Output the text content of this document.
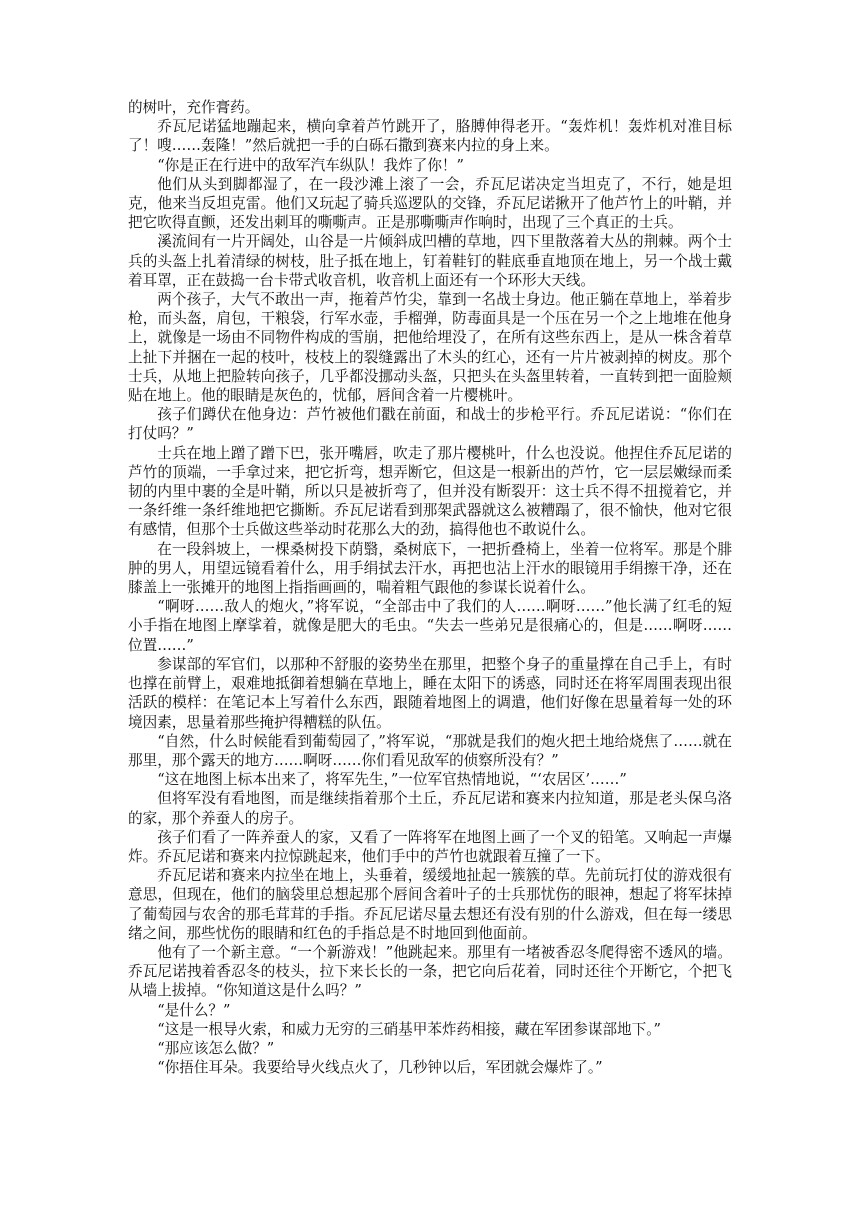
的树叶，充作膏药。

乔瓦尼诺猛地蹦起来，横向拿着芦竹跳开了，胳膊伸得老开。“轰炸机！轰炸机对准目标了！嗖……轰隆！”然后就把一手的白砾石撒到赛来内拉的身上来。

“你是正在行进中的敌军汽车纵队！我炸了你！”

他们从头到脚都湿了，在一段沙滩上滚了一会，乔瓦尼诺决定当坦克了，不行，她是坦克，他来当反坦克雷。他们又玩起了骑兵巡逻队的交锋，乔瓦尼诺揪开了他芦竹上的叶鞘，并把它吹得直颤，还发出刺耳的嘶嘶声。正是那嘶嘶声作响时，出现了三个真正的士兵。

溪流间有一片开阔处，山谷是一片倾斜成凹槽的草地，四下里散落着大丛的荆棘。两个士兵的头盔上扎着清绿的树枝，肚子抵在地上，钉着鞋钉的鞋底垂直地顶在地上，另一个战士戴着耳罩，正在鼓捣一台卡带式收音机，收音机上面还有一个环形大天线。

两个孩子，大气不敢出一声，拖着芦竹尖，靠到一名战士身边。他正躺在草地上，举着步枪，而头盔，肩包，干粮袋，行军水壶，手榴弹，防毒面具是一个压在另一个之上地堆在他身上，就像是一场由不同物件构成的雪崩，把他给埋没了，在所有这些东西上，是从一株含着草上扯下并捆在一起的枝叶，枝枝上的裂缝露出了木头的红心，还有一片片被剥掉的树皮。那个士兵，从地上把脸转向孩子，几乎都没挪动头盔，只把头在头盔里转着，一直转到把一面脸颊贴在地上。他的眼睛是灰色的，忧郁，唇间含着一片樱桃叶。

孩子们蹲伏在他身边：芦竹被他们戳在前面，和战士的步枪平行。乔瓦尼诺说：“你们在打仗吗？”

士兵在地上蹭了蹭下巴，张开嘴唇，吹走了那片樱桃叶，什么也没说。他捏住乔瓦尼诺的芦竹的顶端，一手拿过来，把它折弯，想弄断它，但这是一根新出的芦竹，它一层层嫩绿而柔韧的内里中裹的全是叶鞘，所以只是被折弯了，但并没有断裂开：这士兵不得不扭搅着它，并一条纤维一条纤维地把它撕断。乔瓦尼诺看到那架武器就这么被糟蹋了，很不愉快，他对它很有感情，但那个士兵做这些举动时花那么大的劲，搞得他也不敢说什么。

在一段斜坡上，一棵桑树投下荫翳，桑树底下，一把折叠椅上，坐着一位将军。那是个腓肿的男人，用望远镜看着什么，用手绢拭去汗水，再把也沾上汗水的眼镜用手绢擦干净，还在膝盖上一张摊开的地图上指指画画的，喘着粗气跟他的参谋长说着什么。

“啊呀……敌人的炮火，”将军说，“全部击中了我们的人……啊呀……”他长满了红毛的短小手指在地图上摩挲着，就像是肥大的毛虫。“失去一些弟兄是很痛心的，但是……啊呀……位置……”

参谋部的军官们，以那种不舒服的姿势坐在那里，把整个身子的重量撑在自己手上，有时也撑在前臂上，艰难地抵御着想躺在草地上，睡在太阳下的诱惑，同时还在将军周围表现出很活跃的模样：在笔记本上写着什么东西，跟随着地图上的调遣，他们好像在思量着每一处的环境因素，思量着那些掩护得糟糕的队伍。

“自然，什么时候能看到葡萄园了，”将军说，“那就是我们的炮火把土地给烧焦了……就在那里，那个露天的地方……啊呀……你们看见敌军的侦察所没有？”

“这在地图上标本出来了，将军先生，”一位军官热情地说，“‘农居区’……”

但将军没有看地图，而是继续指着那个土丘，乔瓦尼诺和赛来内拉知道，那是老头保乌洛的家，那个养蚕人的房子。

孩子们看了一阵养蚕人的家，又看了一阵将军在地图上画了一个叉的铅笔。又响起一声爆炸。乔瓦尼诺和赛来内拉惊跳起来，他们手中的芦竹也就跟着互撞了一下。

乔瓦尼诺和赛来内拉坐在地上，头垂着，缓缓地扯起一簇簇的草。先前玩打仗的游戏很有意思，但现在，他们的脑袋里总想起那个唇间含着叶子的士兵那忧伤的眼神，想起了将军抹掉了葡萄园与农舍的那毛茸茸的手指。乔瓦尼诺尽量去想还有没有别的什么游戏，但在每一缕思绪之间，那些忧伤的眼睛和红色的手指总是不时地回到他面前。

他有了一个新主意。“一个新游戏！”他跳起来。那里有一堵被香忍冬爬得密不透风的墙。乔瓦尼诺拽着香忍冬的枝头，拉下来长长的一条，把它向后花着，同时还往个开断它，个把飞从墙上拔掉。“你知道这是什么吗？”

“是什么？”

“这是一根导火索，和威力无穷的三硝基甲苯炸药相接，藏在军团参谋部地下。”

“那应该怎么做？”

“你捂住耳朵。我要给导火线点火了，几秒钟以后，军团就会爆炸了。”
